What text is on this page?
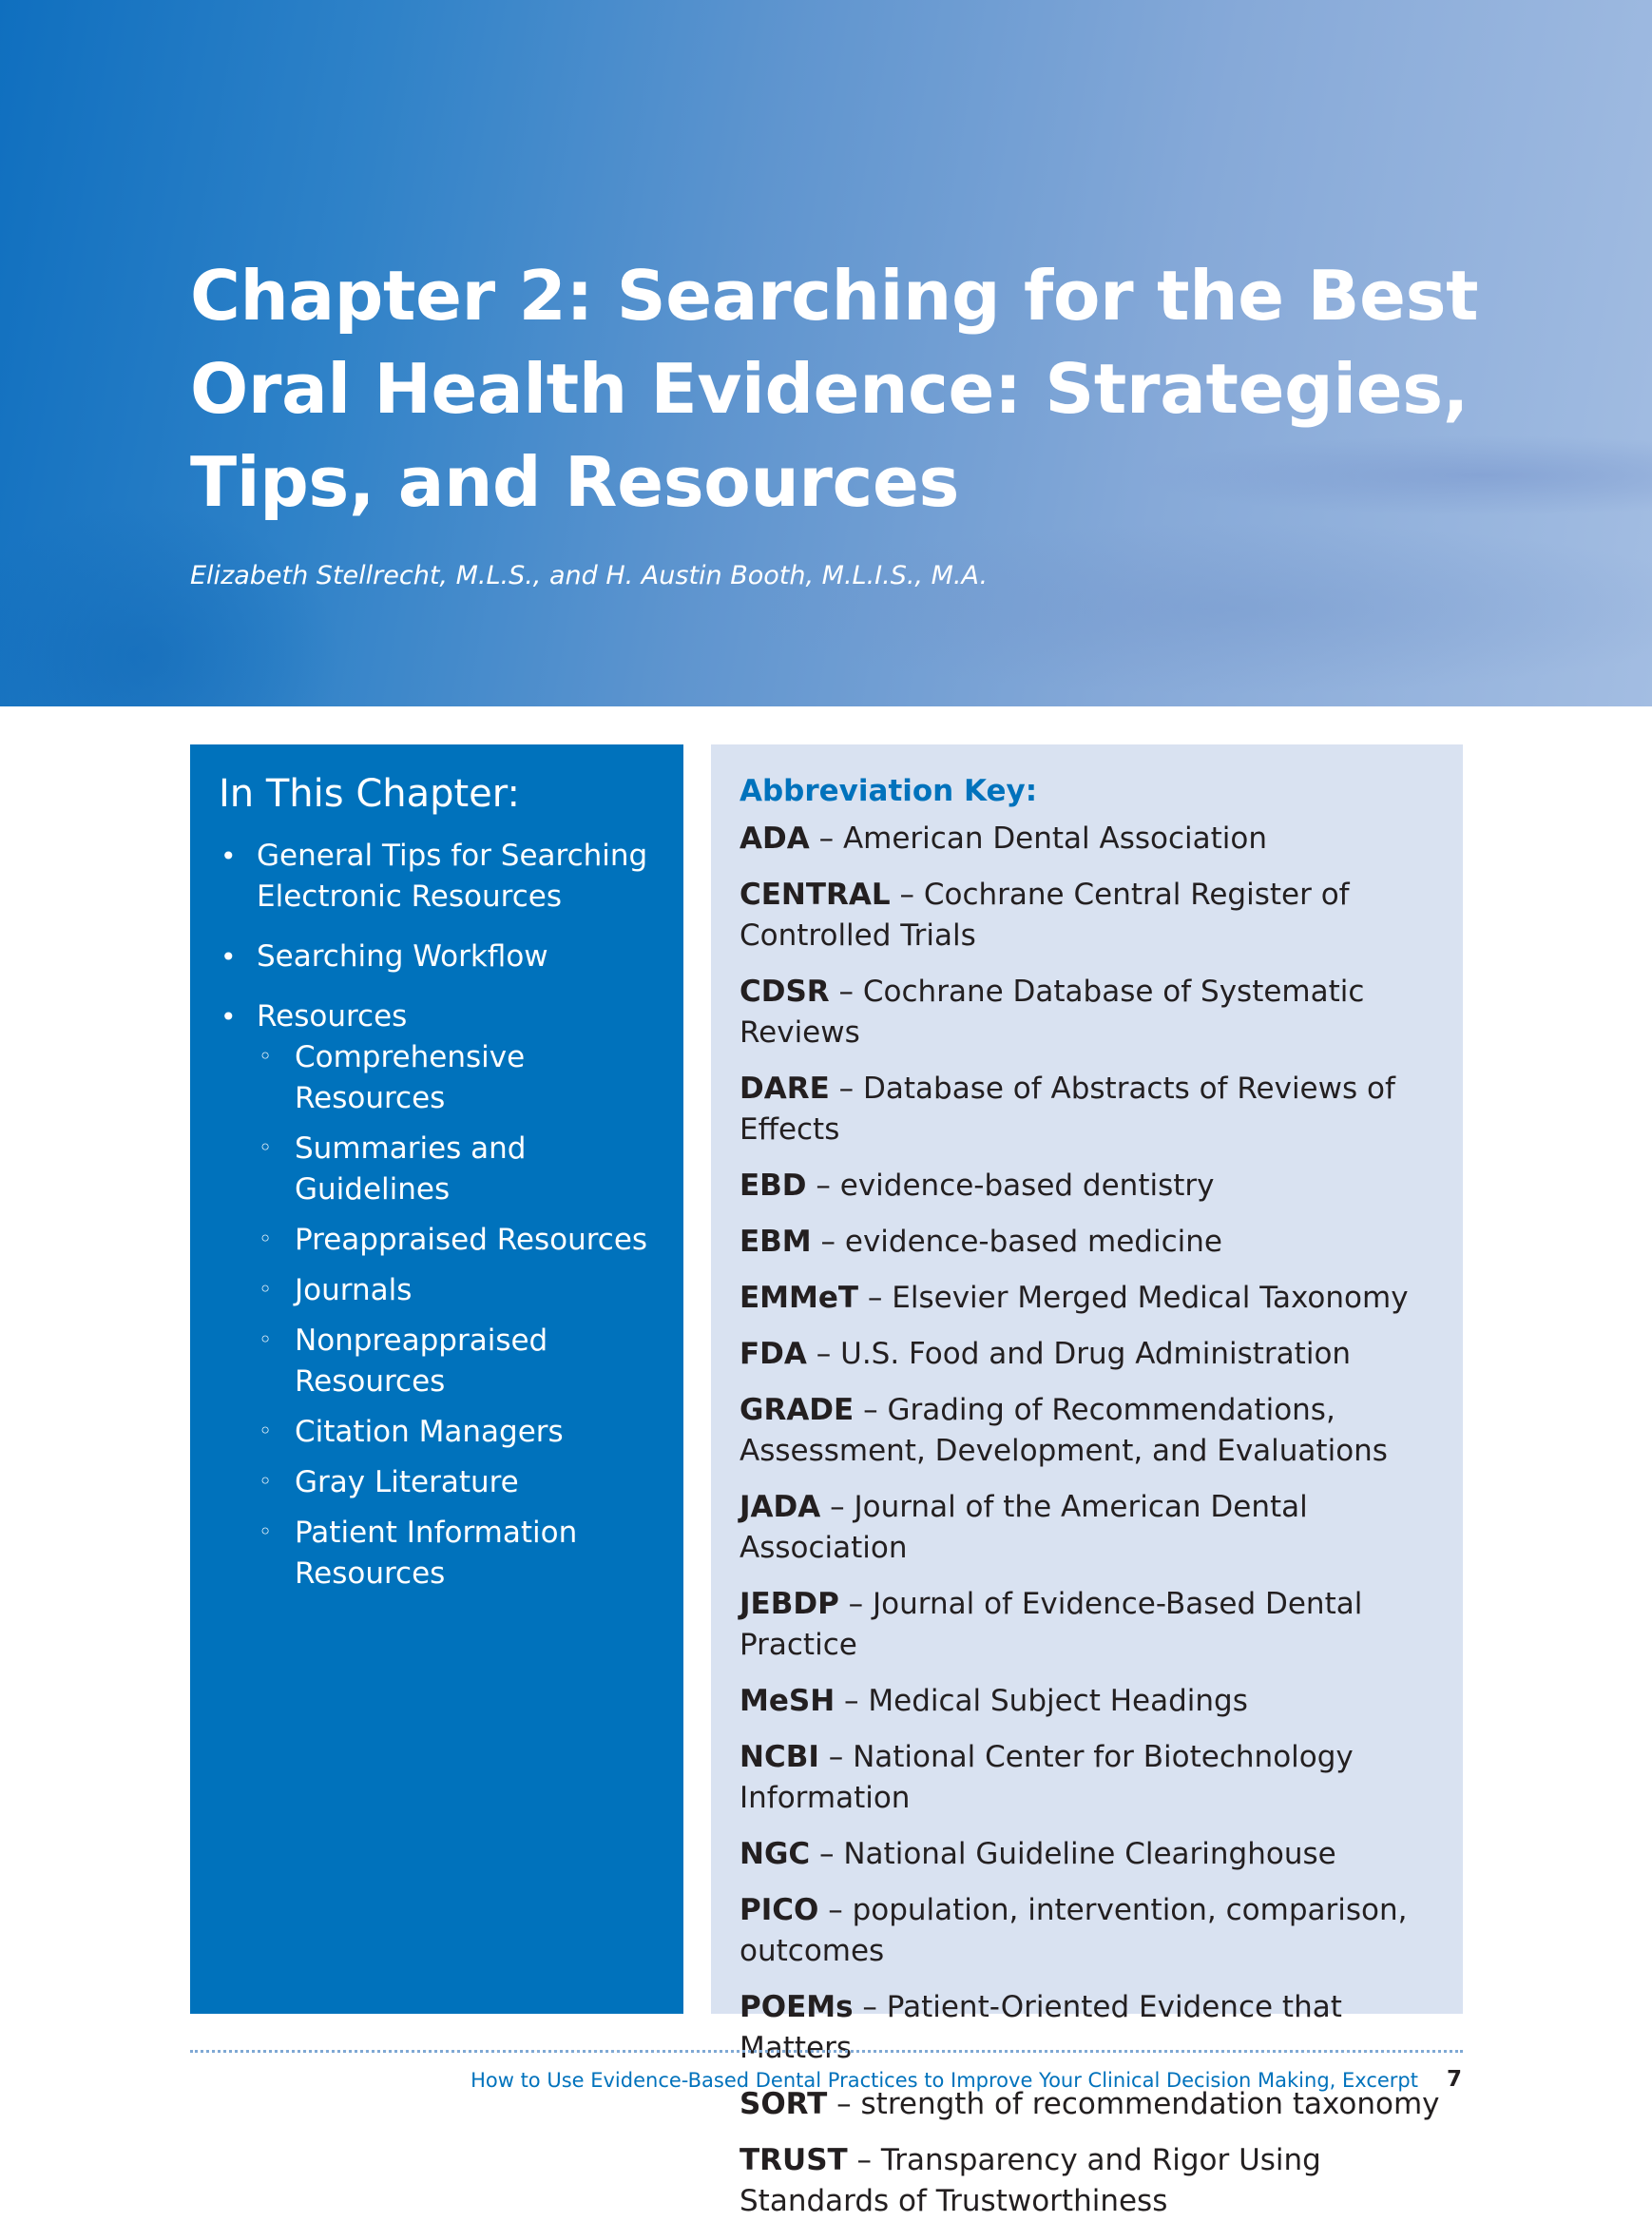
Chapter 2: Searching for the Best
Oral Health Evidence: Strategies,
Tips, and Resources
Elizabeth Stellrecht, M.L.S., and H. Austin Booth, M.L.I.S., M.A.
In This Chapter:
• General Tips for Searching Electronic Resources
• Searching Workflow
• Resources
◦ Comprehensive Resources
◦ Summaries and Guidelines
◦ Preappraised Resources
◦ Journals
◦ Nonpreappraised Resources
◦ Citation Managers
◦ Gray Literature
◦ Patient Information Resources
Abbreviation Key:
ADA – American Dental Association
CENTRAL – Cochrane Central Register of Controlled Trials
CDSR – Cochrane Database of Systematic Reviews
DARE – Database of Abstracts of Reviews of Effects
EBD – evidence-based dentistry
EBM – evidence-based medicine
EMMeT – Elsevier Merged Medical Taxonomy
FDA – U.S. Food and Drug Administration
GRADE – Grading of Recommendations, Assessment, Development, and Evaluations
JADA – Journal of the American Dental Association
JEBDP – Journal of Evidence-Based Dental Practice
MeSH – Medical Subject Headings
NCBI – National Center for Biotechnology Information
NGC – National Guideline Clearinghouse
PICO – population, intervention, comparison, outcomes
POEMs – Patient-Oriented Evidence that Matters
SORT – strength of recommendation taxonomy
TRUST – Transparency and Rigor Using Standards of Trustworthiness
How to Use Evidence-Based Dental Practices to Improve Your Clinical Decision Making, Excerpt 7
